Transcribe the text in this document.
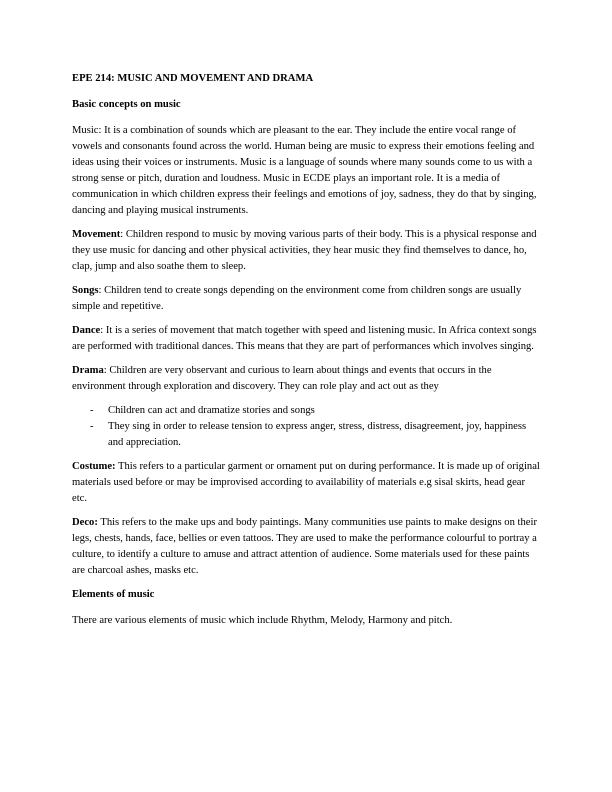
EPE 214: MUSIC AND MOVEMENT AND DRAMA
Basic concepts on music

Music: It is a combination of sounds which are pleasant to the ear. They include the entire vocal range of vowels and consonants found across the world. Human being are music to express their emotions feeling and ideas using their voices or instruments. Music is a language of sounds where many sounds come to us with a strong sense or pitch, duration and loudness. Music in ECDE plays an important role. It is a media of communication in which children express their feelings and emotions of joy, sadness, they do that by singing, dancing and playing musical instruments.

Movement: Children respond to music by moving various parts of their body. This is a physical response and they use music for dancing and other physical activities, they hear music they find themselves to dance, ho, clap, jump and also soathe them to sleep.

Songs: Children tend to create songs depending on the environment come from children songs are usually simple and repetitive.

Dance: It is a series of movement that match together with speed and listening music. In Africa context songs are performed with traditional dances. This means that they are part of performances which involves singing.

Drama: Children are very observant and curious to learn about things and events that occurs in the environment through exploration and discovery. They can role play and act out as they

- Children can act and dramatize stories and songs
- They sing in order to release tension to express anger, stress, distress, disagreement, joy, happiness and appreciation.

Costume: This refers to a particular garment or ornament put on during performance. It is made up of original materials used before or may be improvised according to availability of materials e.g sisal skirts, head gear etc.

Deco: This refers to the make ups and body paintings. Many communities use paints to make designs on their legs, chests, hands, face, bellies or even tattoos. They are used to make the performance colourful to portray a culture, to identify a culture to amuse and attract attention of audience. Some materials used for these paints are charcoal ashes, masks etc.

Elements of music

There are various elements of music which include Rhythm, Melody, Harmony and pitch.
